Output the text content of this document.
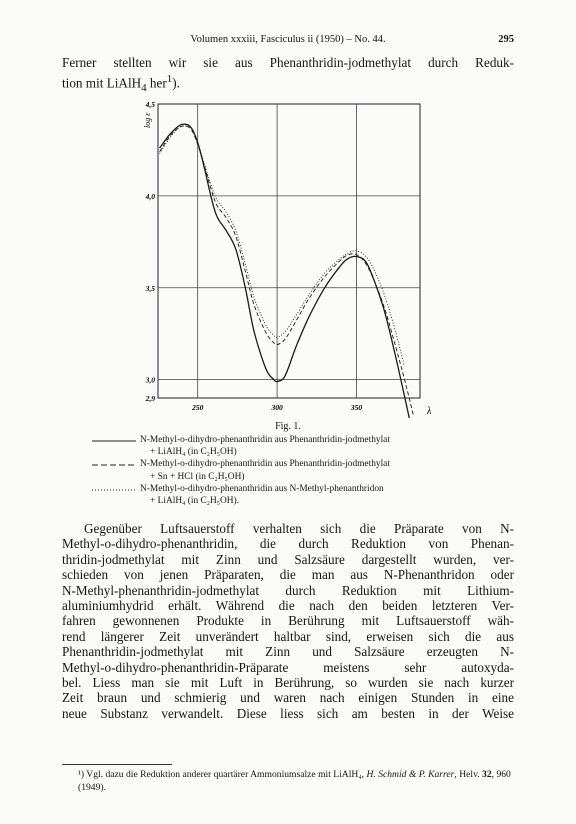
Volumen xxxiii, Fasciculus ii (1950) – No. 44.	295
Ferner stellten wir sie aus Phenanthridin-jodmethylat durch Reduk-
tion mit LiAlH$_4$ her$^1$).
4,5
4,0
3,5
3,0
2,9
250	300	350
log ε
λ
Fig. 1.
N-Methyl-o-dihydro-phenanthridin aus Phenanthridin-jodmethylat
+ LiAlH₄ (in C₂H₅OH)
N-Methyl-o-dihydro-phenanthridin aus Phenanthridin-jodmethylat
+ Sn + HCl (in C₂H₅OH)
N-Methyl-o-dihydro-phenanthridin aus N-Methyl-phenanthridon
+ LiAlH₄ (in C₂H₅OH).
Gegenüber Luftsauerstoff verhalten sich die Präparate von N-
Methyl-o-dihydro-phenanthridin, die durch Reduktion von Phenan-
thridin-jodmethylat mit Zinn und Salzsäure dargestellt wurden, ver-
schieden von jenen Präparaten, die man aus N-Phenanthridon oder
N-Methyl-phenanthridin-jodmethylat durch Reduktion mit Lithium-
aluminiumhydrid erhält. Während die nach den beiden letzteren Ver-
fahren gewonnenen Produkte in Berührung mit Luftsauerstoff wäh-
rend längerer Zeit unverändert haltbar sind, erweisen sich die aus
Phenanthridin-jodmethylat mit Zinn und Salzsäure erzeugten N-
Methyl-o-dihydro-phenanthridin-Präparate meistens sehr autoxyda-
bel. Liess man sie mit Luft in Berührung, so wurden sie nach kurzer
Zeit braun und schmierig und waren nach einigen Stunden in eine
neue Substanz verwandelt. Diese liess sich am besten in der Weise
¹) Vgl. dazu die Reduktion anderer quartärer Ammoniumsalze mit LiAlH₄, H. Schmid & P. Karrer, Helv. 32, 960 (1949).
